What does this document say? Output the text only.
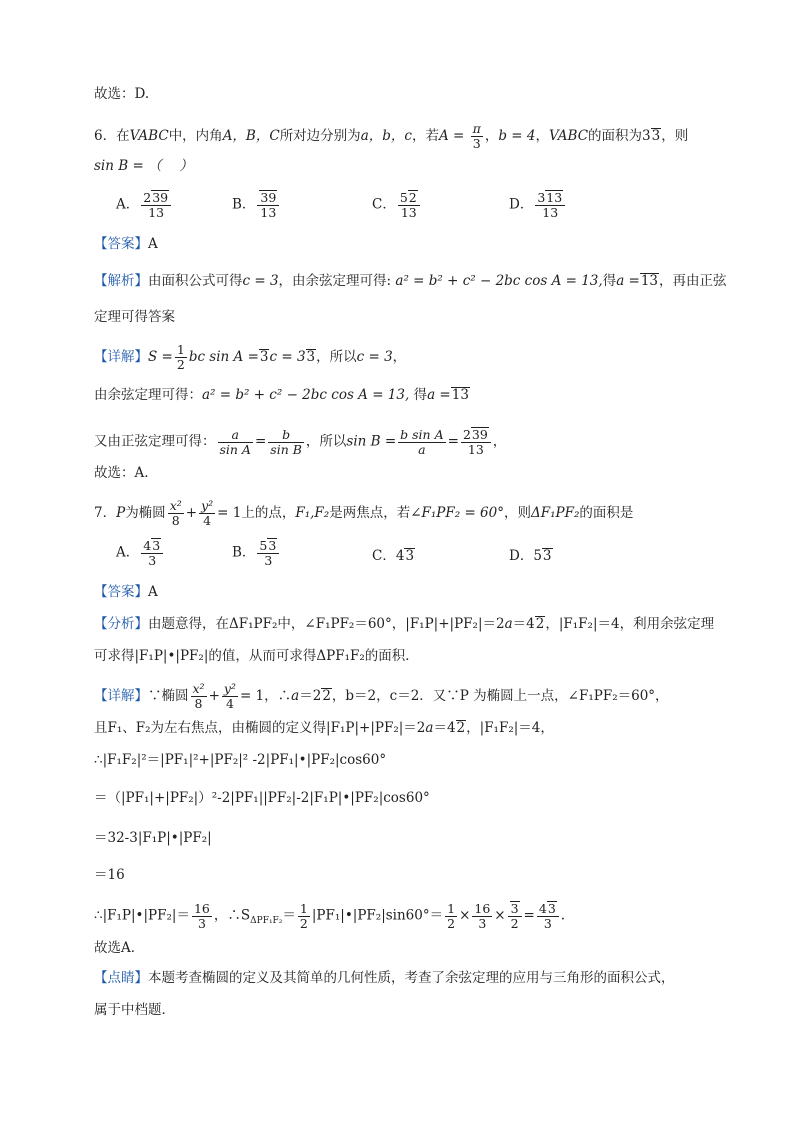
故选：D.
6．在VABC中，内角A，B，C所对边分别为a，b，c，若$A = \frac{\pi}{3}$ ，b = 4，VABC的面积为33，则
sin B = （　 ）
A． $\frac{239}{13}$	B． $\frac{39}{13}$	C． $\frac{52}{13}$	D． $\frac{313}{13}$
【答案】A
【解析】由面积公式可得c = 3，由余弦定理可得: a² = b² + c² − 2bc cos A = 13,得a =13，再由正弦
定理可得答案
【详解】$S = \frac{1}{2}$ bc sin A =3c = 33，所以c = 3，
由余弦定理可得：a² = b² + c² − 2bc cos A = 13, 得a =13
又由正弦定理可得： $\frac{a}{\text{sin A}} = \frac{b}{\text{sin B}}$ ，所以$\sin B = \frac{\text{b sin A}}{a} = \frac{239}{13}$ ，
故选：A.
7．P为椭圆 $\frac{\text{x²}}{8} + \frac{\text{y²}}{4} = 1$上的点，F₁,F₂是两焦点，若∠F₁PF₂ = 60°，则ΔF₁PF₂的面积是
A． $\frac{43}{3}$	B． $\frac{53}{3}$	C．43	D．53
【答案】A
【分析】由题意得，在ΔF₁PF₂中，∠F₁PF₂＝60°，|F₁P|+|PF₂|＝2a＝42，|F₁F₂|＝4，利用余弦定理
可求得|F₁P|•|PF₂|的值，从而可求得ΔPF₁F₂的面积．
【详解】∵椭圆 $\frac{\text{x²}}{8} + \frac{\text{y²}}{4} = 1$，∴a＝22，b＝2，c＝2．又∵P 为椭圆上一点，∠F₁PF₂＝60°，
且F₁、F₂为左右焦点，由椭圆的定义得|F₁P|+|PF₂|＝2a＝42，|F₁F₂|＝4，
∴|F₁F₂|²＝|PF₁|²+|PF₂|² -2|PF₁|•|PF₂|cos60°
＝（|PF₁|+|PF₂|）²-2|PF₁||PF₂|-2|F₁P|•|PF₂|cos60°
＝32-3|F₁P|•|PF₂|
＝16
∴|F₁P|•|PF₂|＝ $\frac{16}{3}$ ，$\therefore S_{\Delta PF_1F_2}= \frac{1}{2}$ |PF₁|•|PF₂|sin60°＝ $\frac{1}{2} \times \frac{16}{3} \times \frac{3}{2} = \frac{43}{3}$ .
故选A．
【点睛】本题考查椭圆的定义及其简单的几何性质，考查了余弦定理的应用与三角形的面积公式，
属于中档题．
